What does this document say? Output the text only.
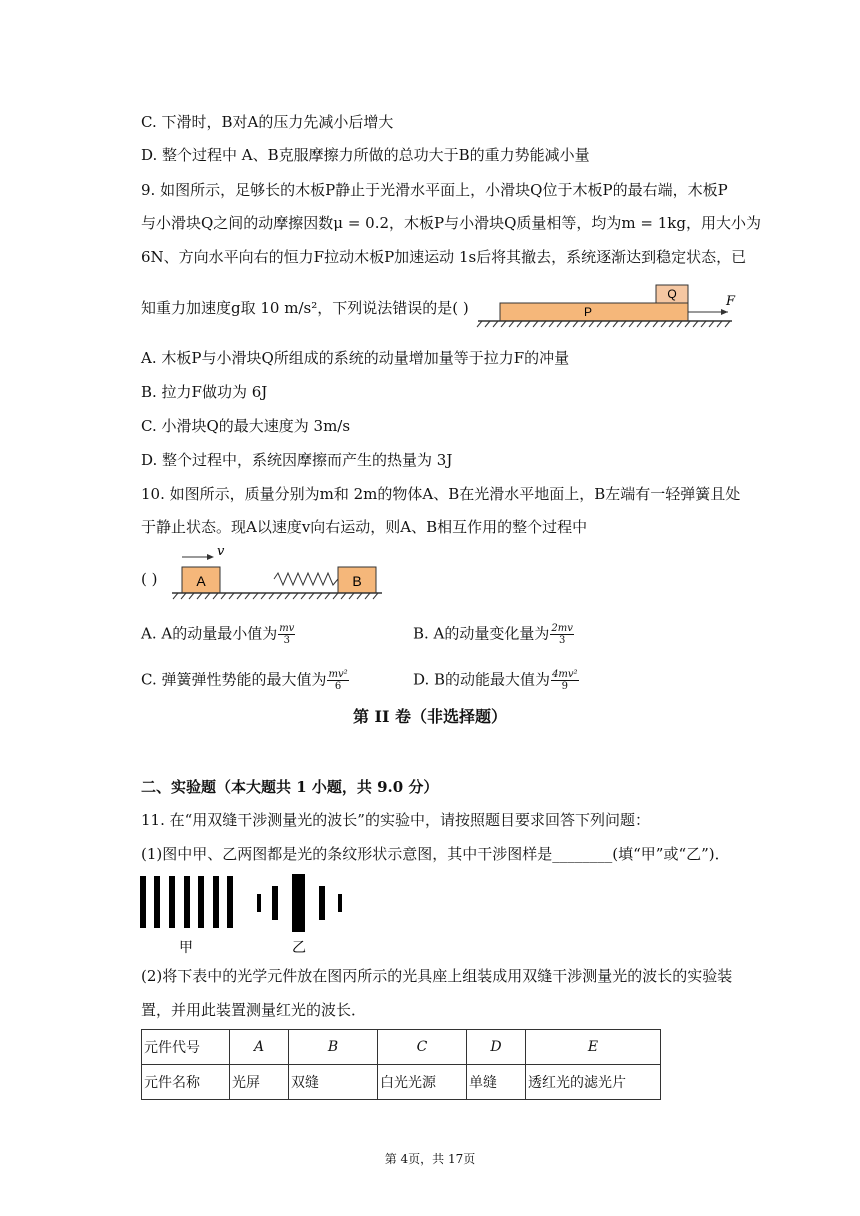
C. 下滑时，B对A的压力先减小后增大
D. 整个过程中 A、B克服摩擦力所做的总功大于B的重力势能减小量
9. 如图所示，足够长的木板P静止于光滑水平面上，小滑块Q位于木板P的最右端，木板P
与小滑块Q之间的动摩擦因数μ = 0.2，木板P与小滑块Q质量相等，均为m = 1kg，用大小为
6N、方向水平向右的恒力F拉动木板P加速运动 1s后将其撤去，系统逐渐达到稳定状态，已
知重力加速度g取 10 m/s²，下列说法错误的是( )
Q
P
F
A. 木板P与小滑块Q所组成的系统的动量增加量等于拉力F的冲量
B. 拉力F做功为 6J
C. 小滑块Q的最大速度为 3m/s
D. 整个过程中，系统因摩擦而产生的热量为 3J
10. 如图所示，质量分别为m和 2m的物体A、B在光滑水平地面上，B左端有一轻弹簧且处
于静止状态。现A以速度v向右运动，则A、B相互作用的整个过程中
( )
v
A	B
A. A的动量最小值为 $\frac{mv}{3}$	B. A的动量变化量为 $\frac{2mv}{3}$
C. 弹簧弹性势能的最大值为 $\frac{\text{mv²}}{6}$	D. B的动能最大值为 $\frac{\text{4mv²}}{9}$
第 II 卷（非选择题）
二、实验题（本大题共 1 小题，共 9.0 分）
11. 在“用双缝干涉测量光的波长”的实验中，请按照题目要求回答下列问题：
(1)图中甲、乙两图都是光的条纹形状示意图，其中干涉图样是________(填“甲”或“乙”)．
甲	乙
(2)将下表中的光学元件放在图丙所示的光具座上组装成用双缝干涉测量光的波长的实验装
置，并用此装置测量红光的波长．
元件代号	A	B	C	D	E
元件名称	光屏	双缝	白光光源	单缝	透红光的滤光片
第 4页，共 17页
